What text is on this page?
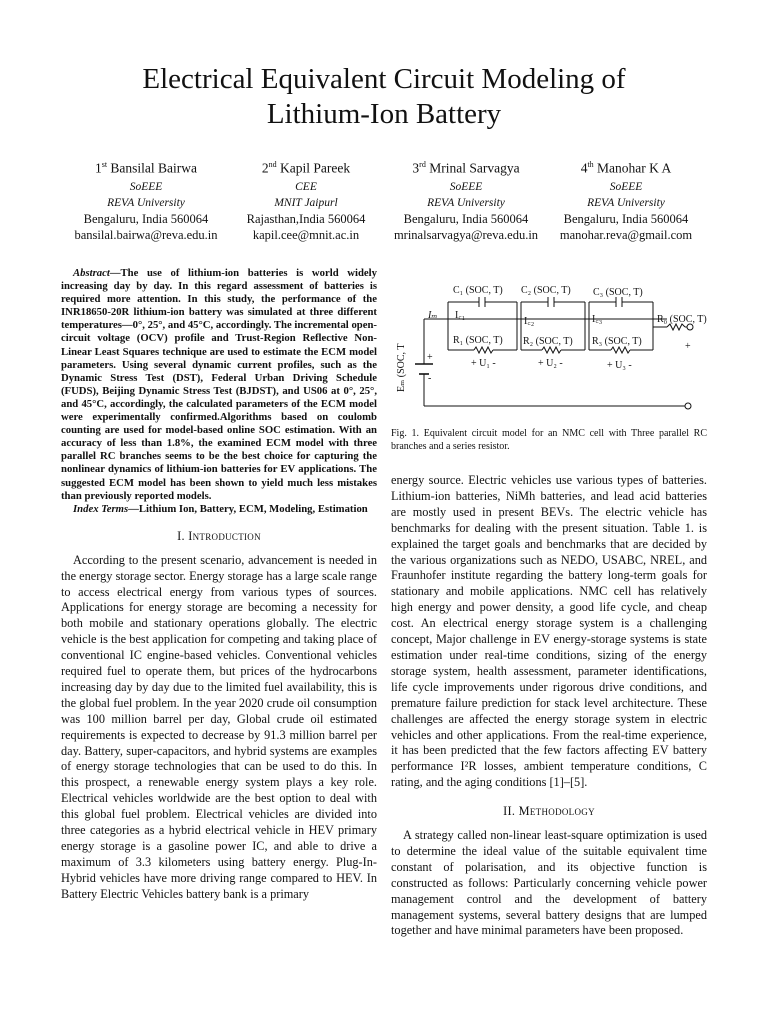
Electrical Equivalent Circuit Modeling of
Lithium-Ion Battery
1st Bansilal Bairwa
SoEEE
REVA University
Bengaluru, India 560064
bansilal.bairwa@reva.edu.in
2nd Kapil Pareek
CEE
MNIT Jaipurl
Rajasthan,India 560064
kapil.cee@mnit.ac.in
3rd Mrinal Sarvagya
SoEEE
REVA University
Bengaluru, India 560064
mrinalsarvagya@reva.edu.in
4th Manohar K A
SoEEE
REVA University
Bengaluru, India 560064
manohar.reva@gmail.com

Abstract—The use of lithium-ion batteries is world widely increasing day by day. In this regard assessment of batteries is required more attention. In this study, the performance of the INR18650-20R lithium-ion battery was simulated at three different temperatures—0°, 25°, and 45°C, accordingly. The incremental open-circuit voltage (OCV) profile and Trust-Region Reflective Non-Linear Least Squares technique are used to estimate the ECM model parameters. Using several dynamic current profiles, such as the Dynamic Stress Test (DST), Federal Urban Driving Schedule (FUDS), Beijing Dynamic Stress Test (BJDST), and US06 at 0°, 25°, and 45°C, accordingly, the calculated parameters of the ECM model were experimentally confirmed.Algorithms based on coulomb counting are used for model-based online SOC estimation. With an accuracy of less than 1.8%, the examined ECM model with three parallel RC branches seems to be the best choice for capturing the nonlinear dynamics of lithium-ion batteries for EV applications. The suggested ECM model has been shown to yield much less mistakes than previously reported models.

Index Terms—Lithium Ion, Battery, ECM, Modeling, Estimation

I. Introduction

According to the present scenario, advancement is needed in the energy storage sector. Energy storage has a large scale range to access electrical energy from various types of sources. Applications for energy storage are becoming a necessity for both mobile and stationary operations globally. The electric vehicle is the best application for competing and taking place of conventional IC engine-based vehicles. Conventional vehicles required fuel to operate them, but prices of the hydrocarbons increasing day by day due to the limited fuel availability, this is the global fuel problem. In the year 2020 crude oil consumption was 100 million barrel per day, Global crude oil estimated requirements is expected to decrease by 91.3 million barrel per day. Battery, super-capacitors, and hybrid systems are examples of energy storage technologies that can be used to do this. In this prospect, a renewable energy system plays a key role. Electrical vehicles worldwide are the best option to deal with this global fuel problem. Electrical vehicles are divided into three categories as a hybrid electrical vehicle in HEV primary energy storage is a gasoline power IC, and able to drive a maximum of 3.3 kilometers using battery energy. Plug-In-Hybrid vehicles have more driving range compared to HEV. In Battery Electric Vehicles battery bank is a primary

C₁ (SOC, T) C₂ (SOC, T) C₃ (SOC, T)
Iₘ I꜀₁
I꜀₂	I꜀₃
R₁ (SOC, T) R₂ (SOC, T) R₃ (SOC, T)
R₀ (SOC, T)
+ U₁ -	+ U₂ -	+ U₃ -
+
-
+
Eₘ (SOC, T
Fig. 1. Equivalent circuit model for an NMC cell with Three parallel RC branches and a series resistor.

energy source. Electric vehicles use various types of batteries. Lithium-ion batteries, NiMh batteries, and lead acid batteries are mostly used in present BEVs. The electric vehicle has benchmarks for dealing with the present situation. Table 1. is explained the target goals and benchmarks that are decided by the various organizations such as NEDO, USABC, NREL, and Fraunhofer institute regarding the battery long-term goals for stationary and mobile applications. NMC cell has relatively high energy and power density, a good life cycle, and cheap cost. An electrical energy storage system is a challenging concept, Major challenge in EV energy-storage systems is state estimation under real-time conditions, sizing of the energy storage system, health assessment, parameter identifications, life cycle improvements under rigorous drive conditions, and premature failure prediction for stack level architecture. These challenges are affected the energy storage system in electric vehicles and other applications. From the real-time experience, it has been predicted that the few factors affecting EV battery performance I²R losses, ambient temperature conditions, C rating, and the aging conditions [1]–[5].

II. Methodology

A strategy called non-linear least-square optimization is used to determine the ideal value of the suitable equivalent time constant of polarisation, and its objective function is constructed as follows: Particularly concerning vehicle power management control and the development of battery management systems, several battery designs that are lumped together and have minimal parameters have been proposed.
